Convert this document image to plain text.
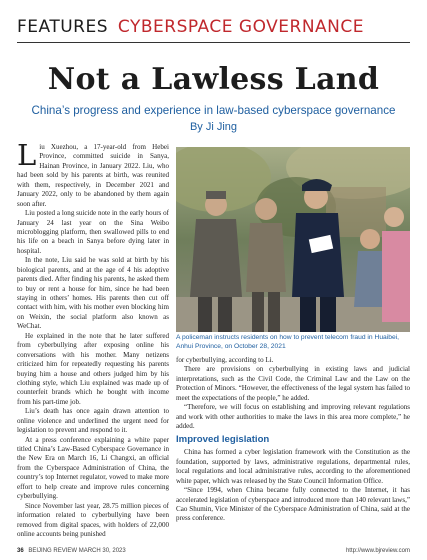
FEATURES CYBERSPACE GOVERNANCE
Not a Lawless Land
China’s progress and experience in law-based cyberspace governance
By Ji Jing

Liu Xuezhou, a 17-year-old from Hebei Province, committed suicide in Sanya, Hainan Province, in January 2022. Liu, who had been sold by his parents at birth, was reunited with them, respectively, in December 2021 and January 2022, only to be abandoned by them again soon after.

Liu posted a long suicide note in the early hours of January 24 last year on the Sina Weibo microblogging platform, then swallowed pills to end his life on a beach in Sanya before dying later in hospital.

In the note, Liu said he was sold at birth by his biological parents, and at the age of 4 his adoptive parents died. After finding his parents, he asked them to buy or rent a house for him, since he had been staying in others’ homes. His parents then cut off contact with him, with his mother even blocking him on Weixin, the social platform also known as WeChat.

He explained in the note that he later suffered from cyberbullying after exposing online his conversations with his mother. Many netizens criticized him for repeatedly requesting his parents buying him a house and others judged him by his clothing style, which Liu explained was made up of counterfeit brands which he bought with income from his part-time job.

Liu’s death has once again drawn attention to online violence and underlined the urgent need for legislation to prevent and respond to it.

At a press conference explaining a white paper titled China’s Law-Based Cyberspace Governance in the New Era on March 16, Li Changxi, an official from the Cyberspace Administration of China, the country’s top Internet regulator, vowed to make more effort to help create and improve rules concerning cyberbullying.

Since November last year, 28.75 million pieces of information related to cyberbullying have been removed from digital spaces, with holders of 22,000 online accounts being punished

A policeman instructs residents on how to prevent telecom fraud in Huaibei, Anhui Province, on October 28, 2021

for cyberbullying, according to Li.

There are provisions on cyberbullying in existing laws and judicial interpretations, such as the Civil Code, the Criminal Law and the Law on the Protection of Minors. “However, the effectiveness of the legal system has failed to meet the expectations of the people,” he added.

“Therefore, we will focus on establishing and improving relevant regulations and work with other authorities to make the laws in this area more complete,” he added.

Improved legislation

China has formed a cyber legislation framework with the Constitution as the foundation, supported by laws, administrative regulations, departmental rules, local regulations and local administrative rules, according to the aforementioned white paper, which was released by the State Council Information Office.

“Since 1994, when China became fully connected to the Internet, it has accelerated legislation of cyberspace and introduced more than 140 relevant laws,” Cao Shumin, Vice Minister of the Cyberspace Administration of China, said at the press conference.

36 BEIJING REVIEW MARCH 30, 2023	http://www.bjreview.com
